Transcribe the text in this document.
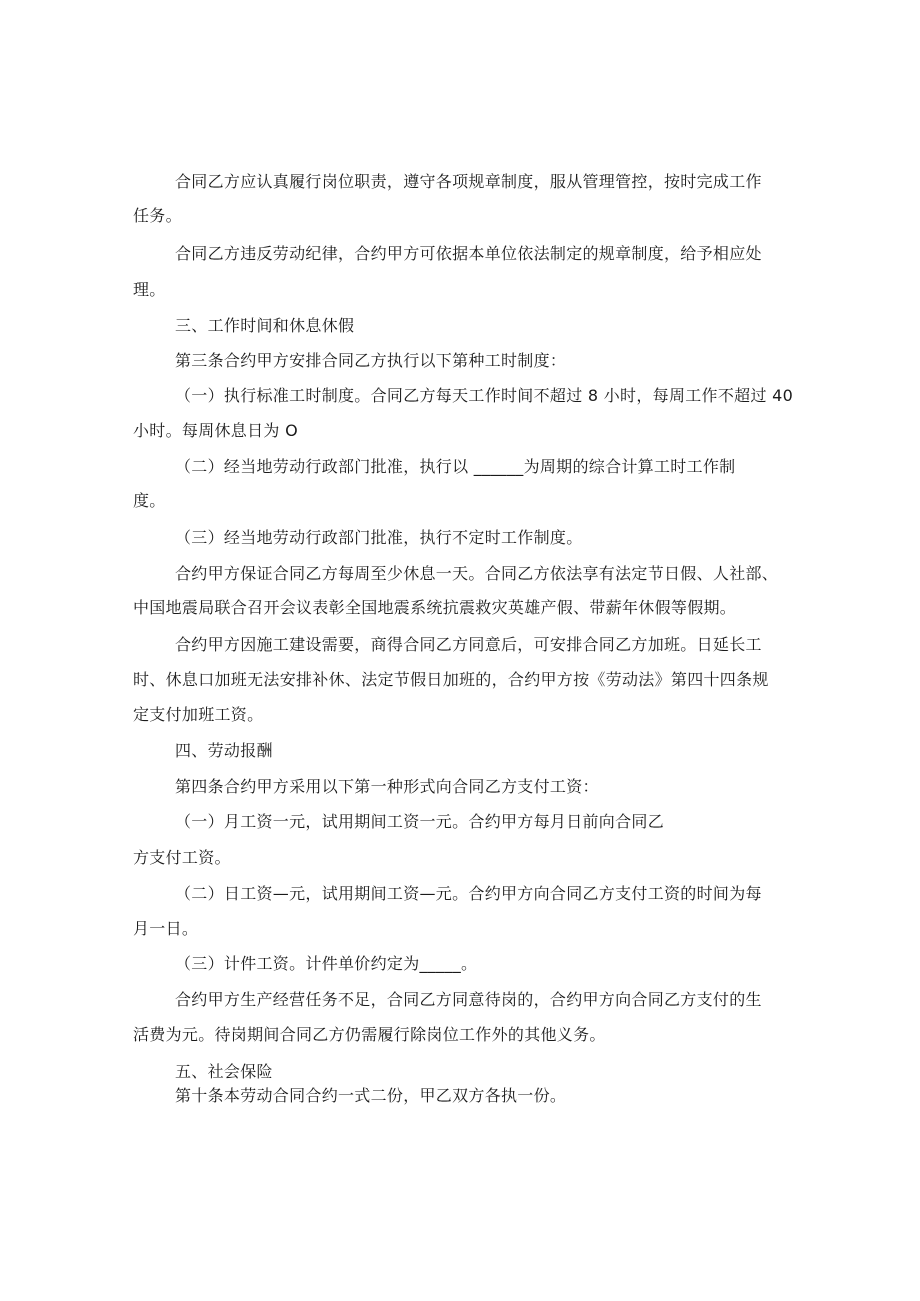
合同乙方应认真履行岗位职责，遵守各项规章制度，服从管理管控，按时完成工作
任务。
合同乙方违反劳动纪律，合约甲方可依据本单位依法制定的规章制度，给予相应处
理。
三、工作时间和休息休假
第三条合约甲方安排合同乙方执行以下第种工时制度：
（一）执行标准工时制度。合同乙方每天工作时间不超过 8 小时，每周工作不超过 40
小时。每周休息日为 O
（二）经当地劳动行政部门批准，执行以 ______为周期的综合计算工时工作制
度。
（三）经当地劳动行政部门批准，执行不定时工作制度。
合约甲方保证合同乙方每周至少休息一天。合同乙方依法享有法定节日假、人社部、
中国地震局联合召开会议表彰全国地震系统抗震救灾英雄产假、带薪年休假等假期。
合约甲方因施工建设需要，商得合同乙方同意后，可安排合同乙方加班。日延长工
时、休息口加班无法安排补休、法定节假日加班的，合约甲方按《劳动法》第四十四条规
定支付加班工资。
四、劳动报酬
第四条合约甲方采用以下第一种形式向合同乙方支付工资：
（一）月工资一元，试用期间工资一元。合约甲方每月日前向合同乙
方支付工资。
（二）日工资—元，试用期间工资—元。合约甲方向合同乙方支付工资的时间为每
月一日。
（三）计件工资。计件单价约定为_____。
合约甲方生产经营任务不足，合同乙方同意待岗的，合约甲方向合同乙方支付的生
活费为元。待岗期间合同乙方仍需履行除岗位工作外的其他义务。
五、社会保险
第十条本劳动合同合约一式二份，甲乙双方各执一份。
